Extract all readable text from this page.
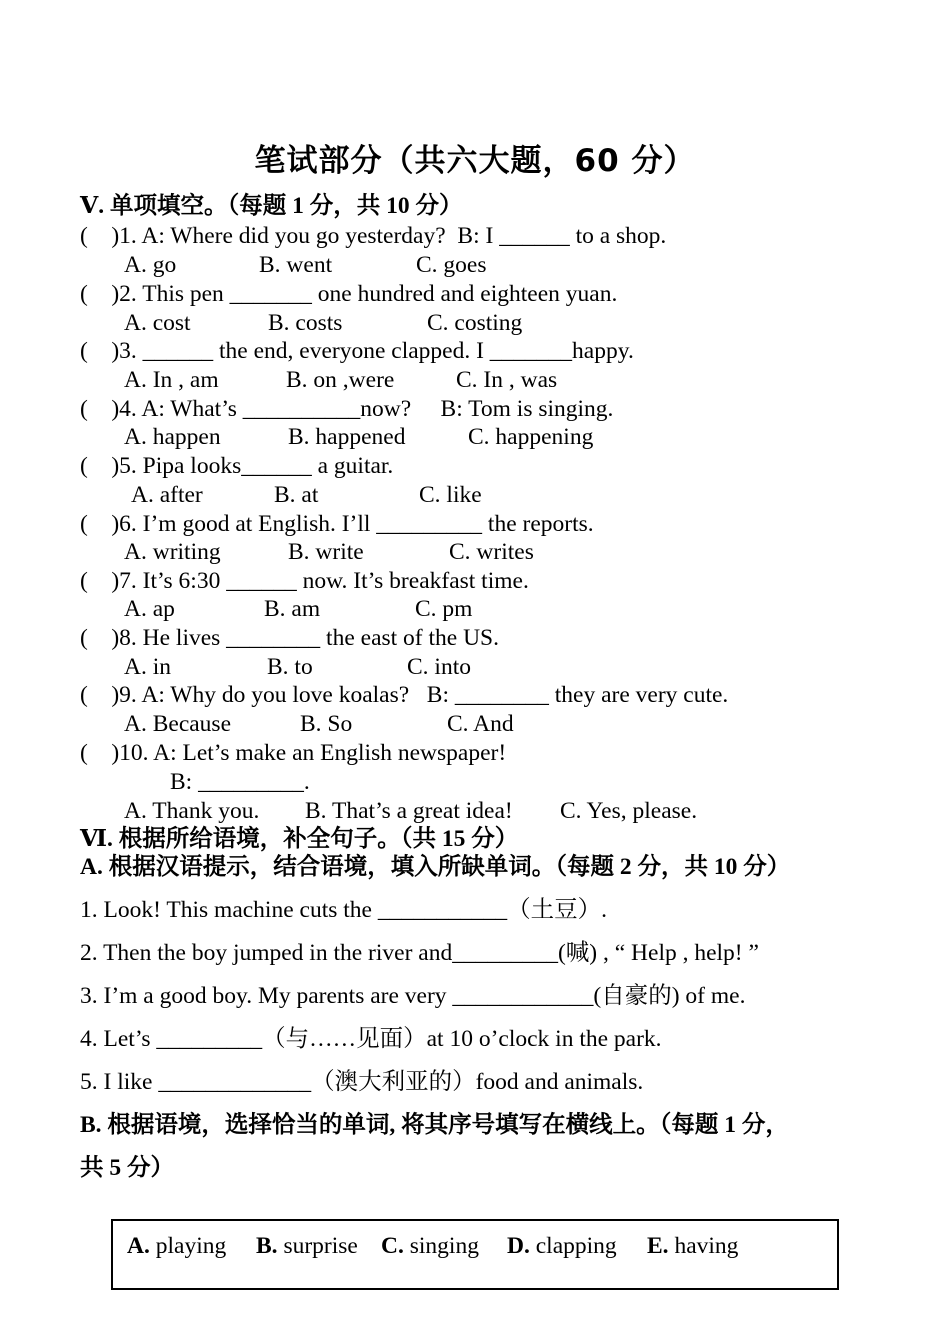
笔试部分（共六大题，60 分）
Ⅴ. 单项填空。（每题 1 分，共 10 分）
(    )1. A: Where did you go yesterday?  B: I ______ to a shop.
A. go	B. went	C. goes
(    )2. This pen _______ one hundred and eighteen yuan.
A. cost	B. costs	C. costing
(    )3. ______ the end, everyone clapped. I _______happy.
A. In , am	B. on ,were	C. In , was
(    )4. A: What’s __________now?     B: Tom is singing.
A. happen	B. happened	C. happening
(    )5. Pipa looks______ a guitar.
A. after	B. at	C. like
(    )6. I’m good at English. I’ll _________ the reports.
A. writing	B. write	C. writes
(    )7. It’s 6:30 ______ now. It’s breakfast time.
A. ap	B. am	C. pm
(    )8. He lives ________ the east of the US.
A. in	B. to	C. into
(    )9. A: Why do you love koalas?   B: ________ they are very cute.
A. Because	B. So	C. And
(    )10. A: Let’s make an English newspaper!
B: _________.
A. Thank you. B. That’s a great idea! C. Yes, please.
Ⅵ. 根据所给语境，补全句子。（共 15 分）
A. 根据汉语提示，结合语境，填入所缺单词。（每题 2 分，共 10 分）
1. Look! This machine cuts the ___________（土豆）.
2. Then the boy jumped in the river and_________(喊) , “ Help , help! ”
3. I’m a good boy. My parents are very ____________(自豪的) of me.
4. Let’s _________（与……见面）at 10 o’clock in the park.
5. I like _____________（澳大利亚的）food and animals.
B. 根据语境，选择恰当的单词, 将其序号填写在横线上。（每题 1 分，
共 5 分）
A. playing B. surprise C. singing D. clapping E. having
